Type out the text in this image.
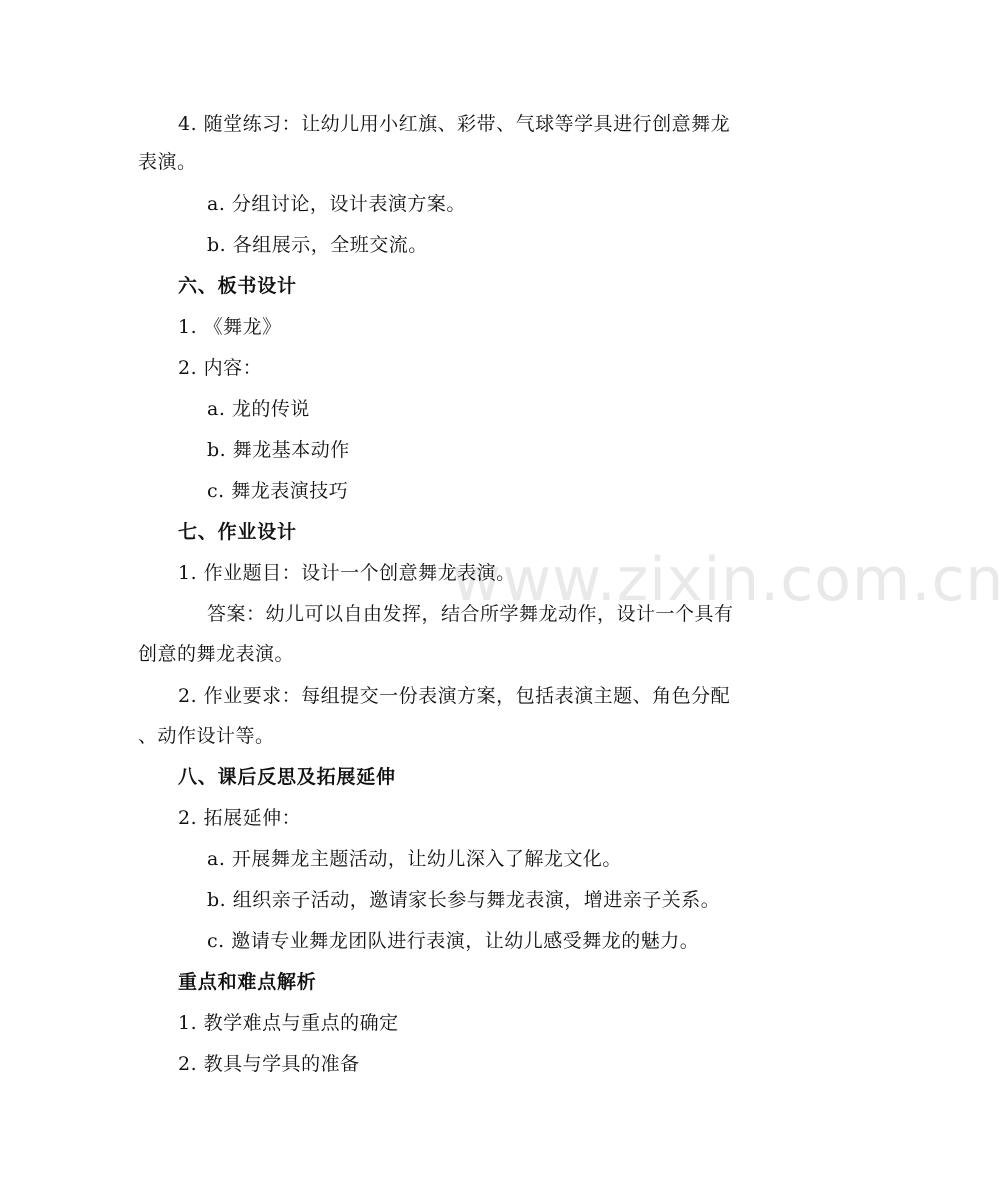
www.zixin.com.cn

4. 随堂练习：让幼儿用小红旗、彩带、气球等学具进行创意舞龙

表演。

a. 分组讨论，设计表演方案。

b. 各组展示，全班交流。

六、板书设计

1. 《舞龙》

2. 内容：

a. 龙的传说

b. 舞龙基本动作

c. 舞龙表演技巧

七、作业设计

1. 作业题目：设计一个创意舞龙表演。

答案：幼儿可以自由发挥，结合所学舞龙动作，设计一个具有

创意的舞龙表演。

2. 作业要求：每组提交一份表演方案，包括表演主题、角色分配

、动作设计等。

八、课后反思及拓展延伸

2. 拓展延伸：

a. 开展舞龙主题活动，让幼儿深入了解龙文化。

b. 组织亲子活动，邀请家长参与舞龙表演，增进亲子关系。

c. 邀请专业舞龙团队进行表演，让幼儿感受舞龙的魅力。

重点和难点解析

1. 教学难点与重点的确定

2. 教具与学具的准备
